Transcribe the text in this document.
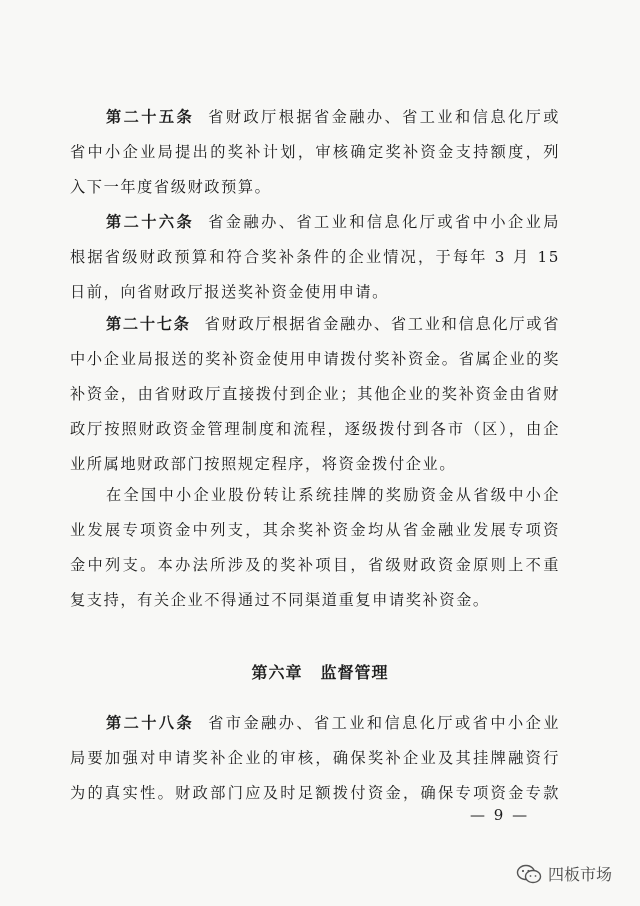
第二十五条 省财政厅根据省金融办、省工业和信息化厅或
省中小企业局提出的奖补计划，审核确定奖补资金支持额度，列
入下一年度省级财政预算。
第二十六条 省金融办、省工业和信息化厅或省中小企业局
根据省级财政预算和符合奖补条件的企业情况，于每年 3 月 15
日前，向省财政厅报送奖补资金使用申请。
第二十七条 省财政厅根据省金融办、省工业和信息化厅或省
中小企业局报送的奖补资金使用申请拨付奖补资金。省属企业的奖
补资金，由省财政厅直接拨付到企业；其他企业的奖补资金由省财
政厅按照财政资金管理制度和流程，逐级拨付到各市（区），由企
业所属地财政部门按照规定程序，将资金拨付企业。
在全国中小企业股份转让系统挂牌的奖励资金从省级中小企
业发展专项资金中列支，其余奖补资金均从省金融业发展专项资
金中列支。本办法所涉及的奖补项目，省级财政资金原则上不重
复支持，有关企业不得通过不同渠道重复申请奖补资金。
第六章 监督管理
第二十八条 省市金融办、省工业和信息化厅或省中小企业
局要加强对申请奖补企业的审核，确保奖补企业及其挂牌融资行
为的真实性。财政部门应及时足额拨付资金，确保专项资金专款
— 9 —
四板市场
